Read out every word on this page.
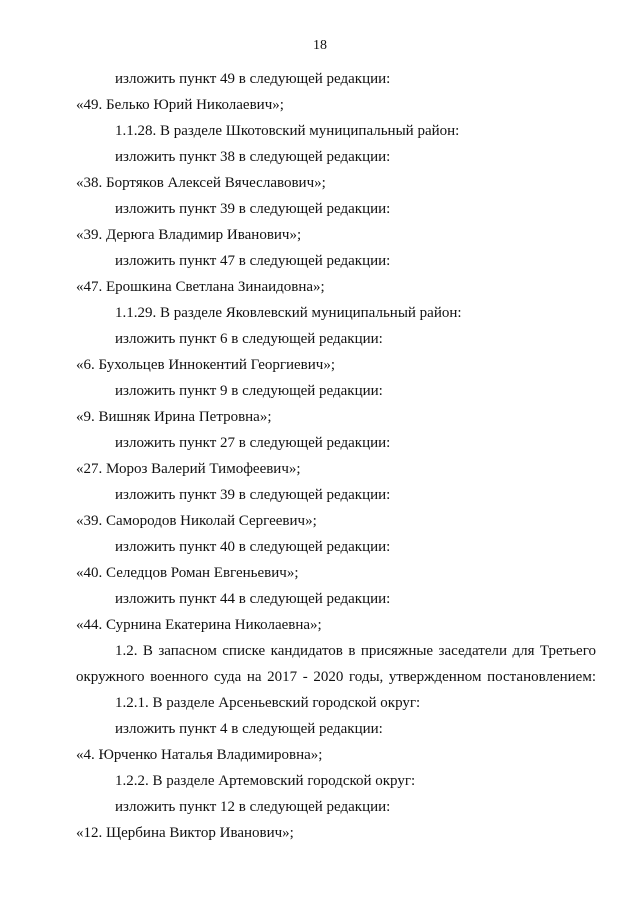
18
изложить пункт 49 в следующей редакции:
«49. Белько Юрий Николаевич»;
1.1.28. В разделе Шкотовский муниципальный район:
изложить пункт 38 в следующей редакции:
«38. Бортяков Алексей Вячеславович»;
изложить пункт 39 в следующей редакции:
«39. Дерюга Владимир Иванович»;
изложить пункт 47 в следующей редакции:
«47. Ерошкина Светлана Зинаидовна»;
1.1.29. В разделе Яковлевский муниципальный район:
изложить пункт 6 в следующей редакции:
«6. Бухольцев Иннокентий Георгиевич»;
изложить пункт 9 в следующей редакции:
«9. Вишняк Ирина Петровна»;
изложить пункт 27 в следующей редакции:
«27. Мороз Валерий Тимофеевич»;
изложить пункт 39 в следующей редакции:
«39. Самородов Николай Сергеевич»;
изложить пункт 40 в следующей редакции:
«40. Селедцов Роман Евгеньевич»;
изложить пункт 44 в следующей редакции:
«44. Сурнина Екатерина Николаевна»;
1.2. В запасном списке кандидатов в присяжные заседатели для Третьего
окружного военного суда на 2017 - 2020 годы, утвержденном постановлением:
1.2.1. В разделе Арсеньевский городской округ:
изложить пункт 4 в следующей редакции:
«4. Юрченко Наталья Владимировна»;
1.2.2. В разделе Артемовский городской округ:
изложить пункт 12 в следующей редакции:
«12. Щербина Виктор Иванович»;
